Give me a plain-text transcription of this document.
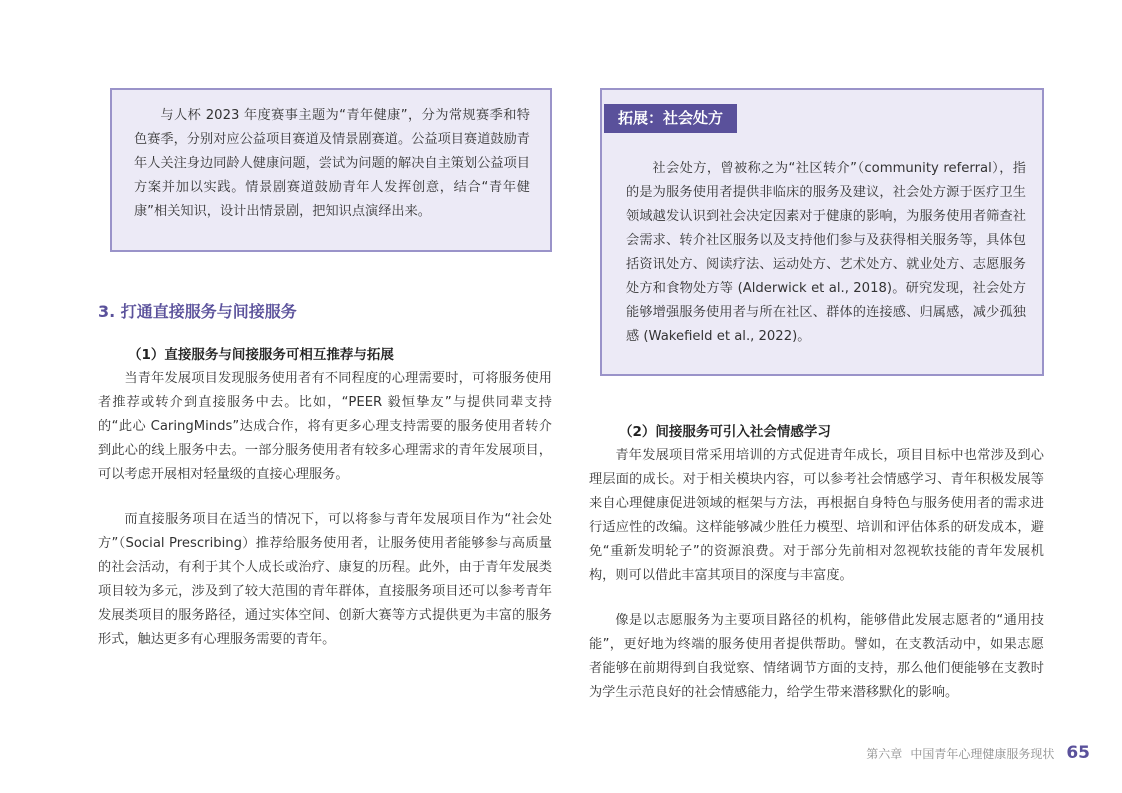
与人杯 2023 年度赛事主题为“青年健康”，分为常规赛季和特色赛季，分别对应公益项目赛道及情景剧赛道。公益项目赛道鼓励青年人关注身边同龄人健康问题，尝试为问题的解决自主策划公益项目方案并加以实践。情景剧赛道鼓励青年人发挥创意，结合“青年健康”相关知识，设计出情景剧，把知识点演绎出来。

拓展：社会处方

社会处方，曾被称之为“社区转介”（community referral），指的是为服务使用者提供非临床的服务及建议，社会处方源于医疗卫生领域越发认识到社会决定因素对于健康的影响，为服务使用者筛查社会需求、转介社区服务以及支持他们参与及获得相关服务等，具体包括资讯处方、阅读疗法、运动处方、艺术处方、就业处方、志愿服务处方和食物处方等 (Alderwick et al., 2018)。研究发现，社会处方能够增强服务使用者与所在社区、群体的连接感、归属感，减少孤独感 (Wakefield et al., 2022)。

3. 打通直接服务与间接服务
（1）直接服务与间接服务可相互推荐与拓展

当青年发展项目发现服务使用者有不同程度的心理需要时，可将服务使用者推荐或转介到直接服务中去。比如，“PEER 毅恒挚友”与提供同辈支持的“此心 CaringMinds”达成合作，将有更多心理支持需要的服务使用者转介到此心的线上服务中去。一部分服务使用者有较多心理需求的青年发展项目，可以考虑开展相对轻量级的直接心理服务。

而直接服务项目在适当的情况下，可以将参与青年发展项目作为“社会处方”（Social Prescribing）推荐给服务使用者，让服务使用者能够参与高质量的社会活动，有利于其个人成长或治疗、康复的历程。此外，由于青年发展类项目较为多元，涉及到了较大范围的青年群体，直接服务项目还可以参考青年发展类项目的服务路径，通过实体空间、创新大赛等方式提供更为丰富的服务形式，触达更多有心理服务需要的青年。

（2）间接服务可引入社会情感学习

青年发展项目常采用培训的方式促进青年成长，项目目标中也常涉及到心理层面的成长。对于相关模块内容，可以参考社会情感学习、青年积极发展等来自心理健康促进领域的框架与方法，再根据自身特色与服务使用者的需求进行适应性的改编。这样能够减少胜任力模型、培训和评估体系的研发成本，避免“重新发明轮子”的资源浪费。对于部分先前相对忽视软技能的青年发展机构，则可以借此丰富其项目的深度与丰富度。

像是以志愿服务为主要项目路径的机构，能够借此发展志愿者的“通用技能”，更好地为终端的服务使用者提供帮助。譬如，在支教活动中，如果志愿者能够在前期得到自我觉察、情绪调节方面的支持，那么他们便能够在支教时为学生示范良好的社会情感能力，给学生带来潜移默化的影响。

第六章 中国青年心理健康服务现状 65
